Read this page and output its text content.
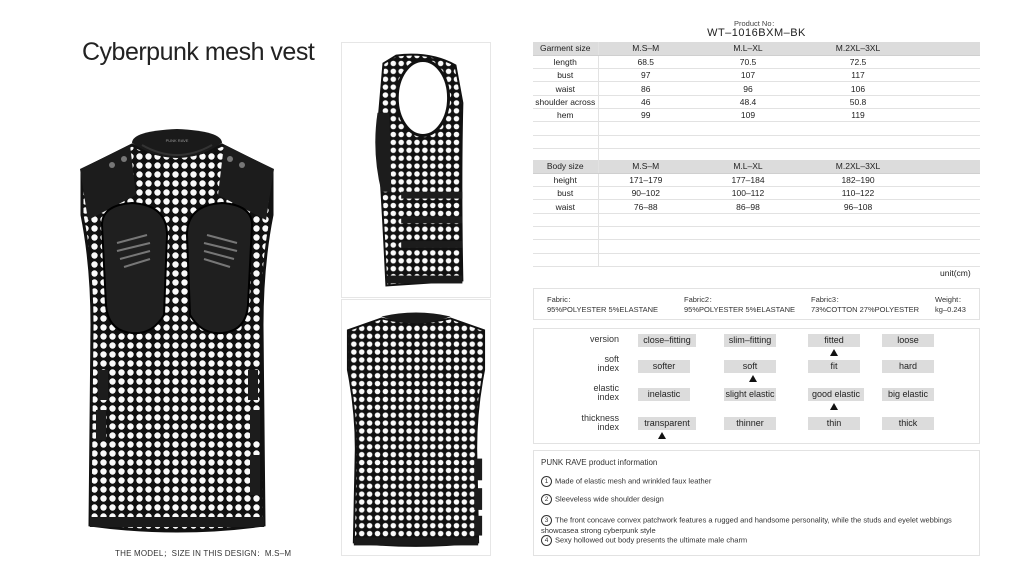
Cyberpunk mesh vest
PUNK RAVE
THE MODEL；SIZE IN THIS DESIGN：M.S–M
Product No：
WT–1016BXM–BK
Garment size	M.S–M	M.L–XL	M.2XL–3XL	
length	68.5	70.5	72.5	
bust	97	107	117	
waist	86	96	106	
shoulder across	46	48.4	50.8	
hem	99	109	119	

Body size	M.S–M	M.L–XL	M.2XL–3XL	
height	171–179	177–184	182–190	
bust	90–102	100–112	110–122	
waist	76–88	86–98	96–108	

unit(cm)
Fabric：
95%POLYESTER 5%ELASTANE
Fabric2：
95%POLYESTER 5%ELASTANE
Fabric3：
73%COTTON 27%POLYESTER
Weight：
kg–0.243
version	close–fitting	slim–fitting	fitted	loose
soft
index	softer	soft	fit	hard
elastic
index	inelastic	slight elastic	good elastic	big elastic
thickness
index	transparent	thinner	thin	thick
PUNK RAVE product information
1 Made of elastic mesh and wrinkled faux leather
2 Sleeveless wide shoulder design
3 The front concave convex patchwork features a rugged and handsome personality, while the studs and eyelet webbings showcasea strong cyberpunk style
4 Sexy hollowed out body presents the ultimate male charm
